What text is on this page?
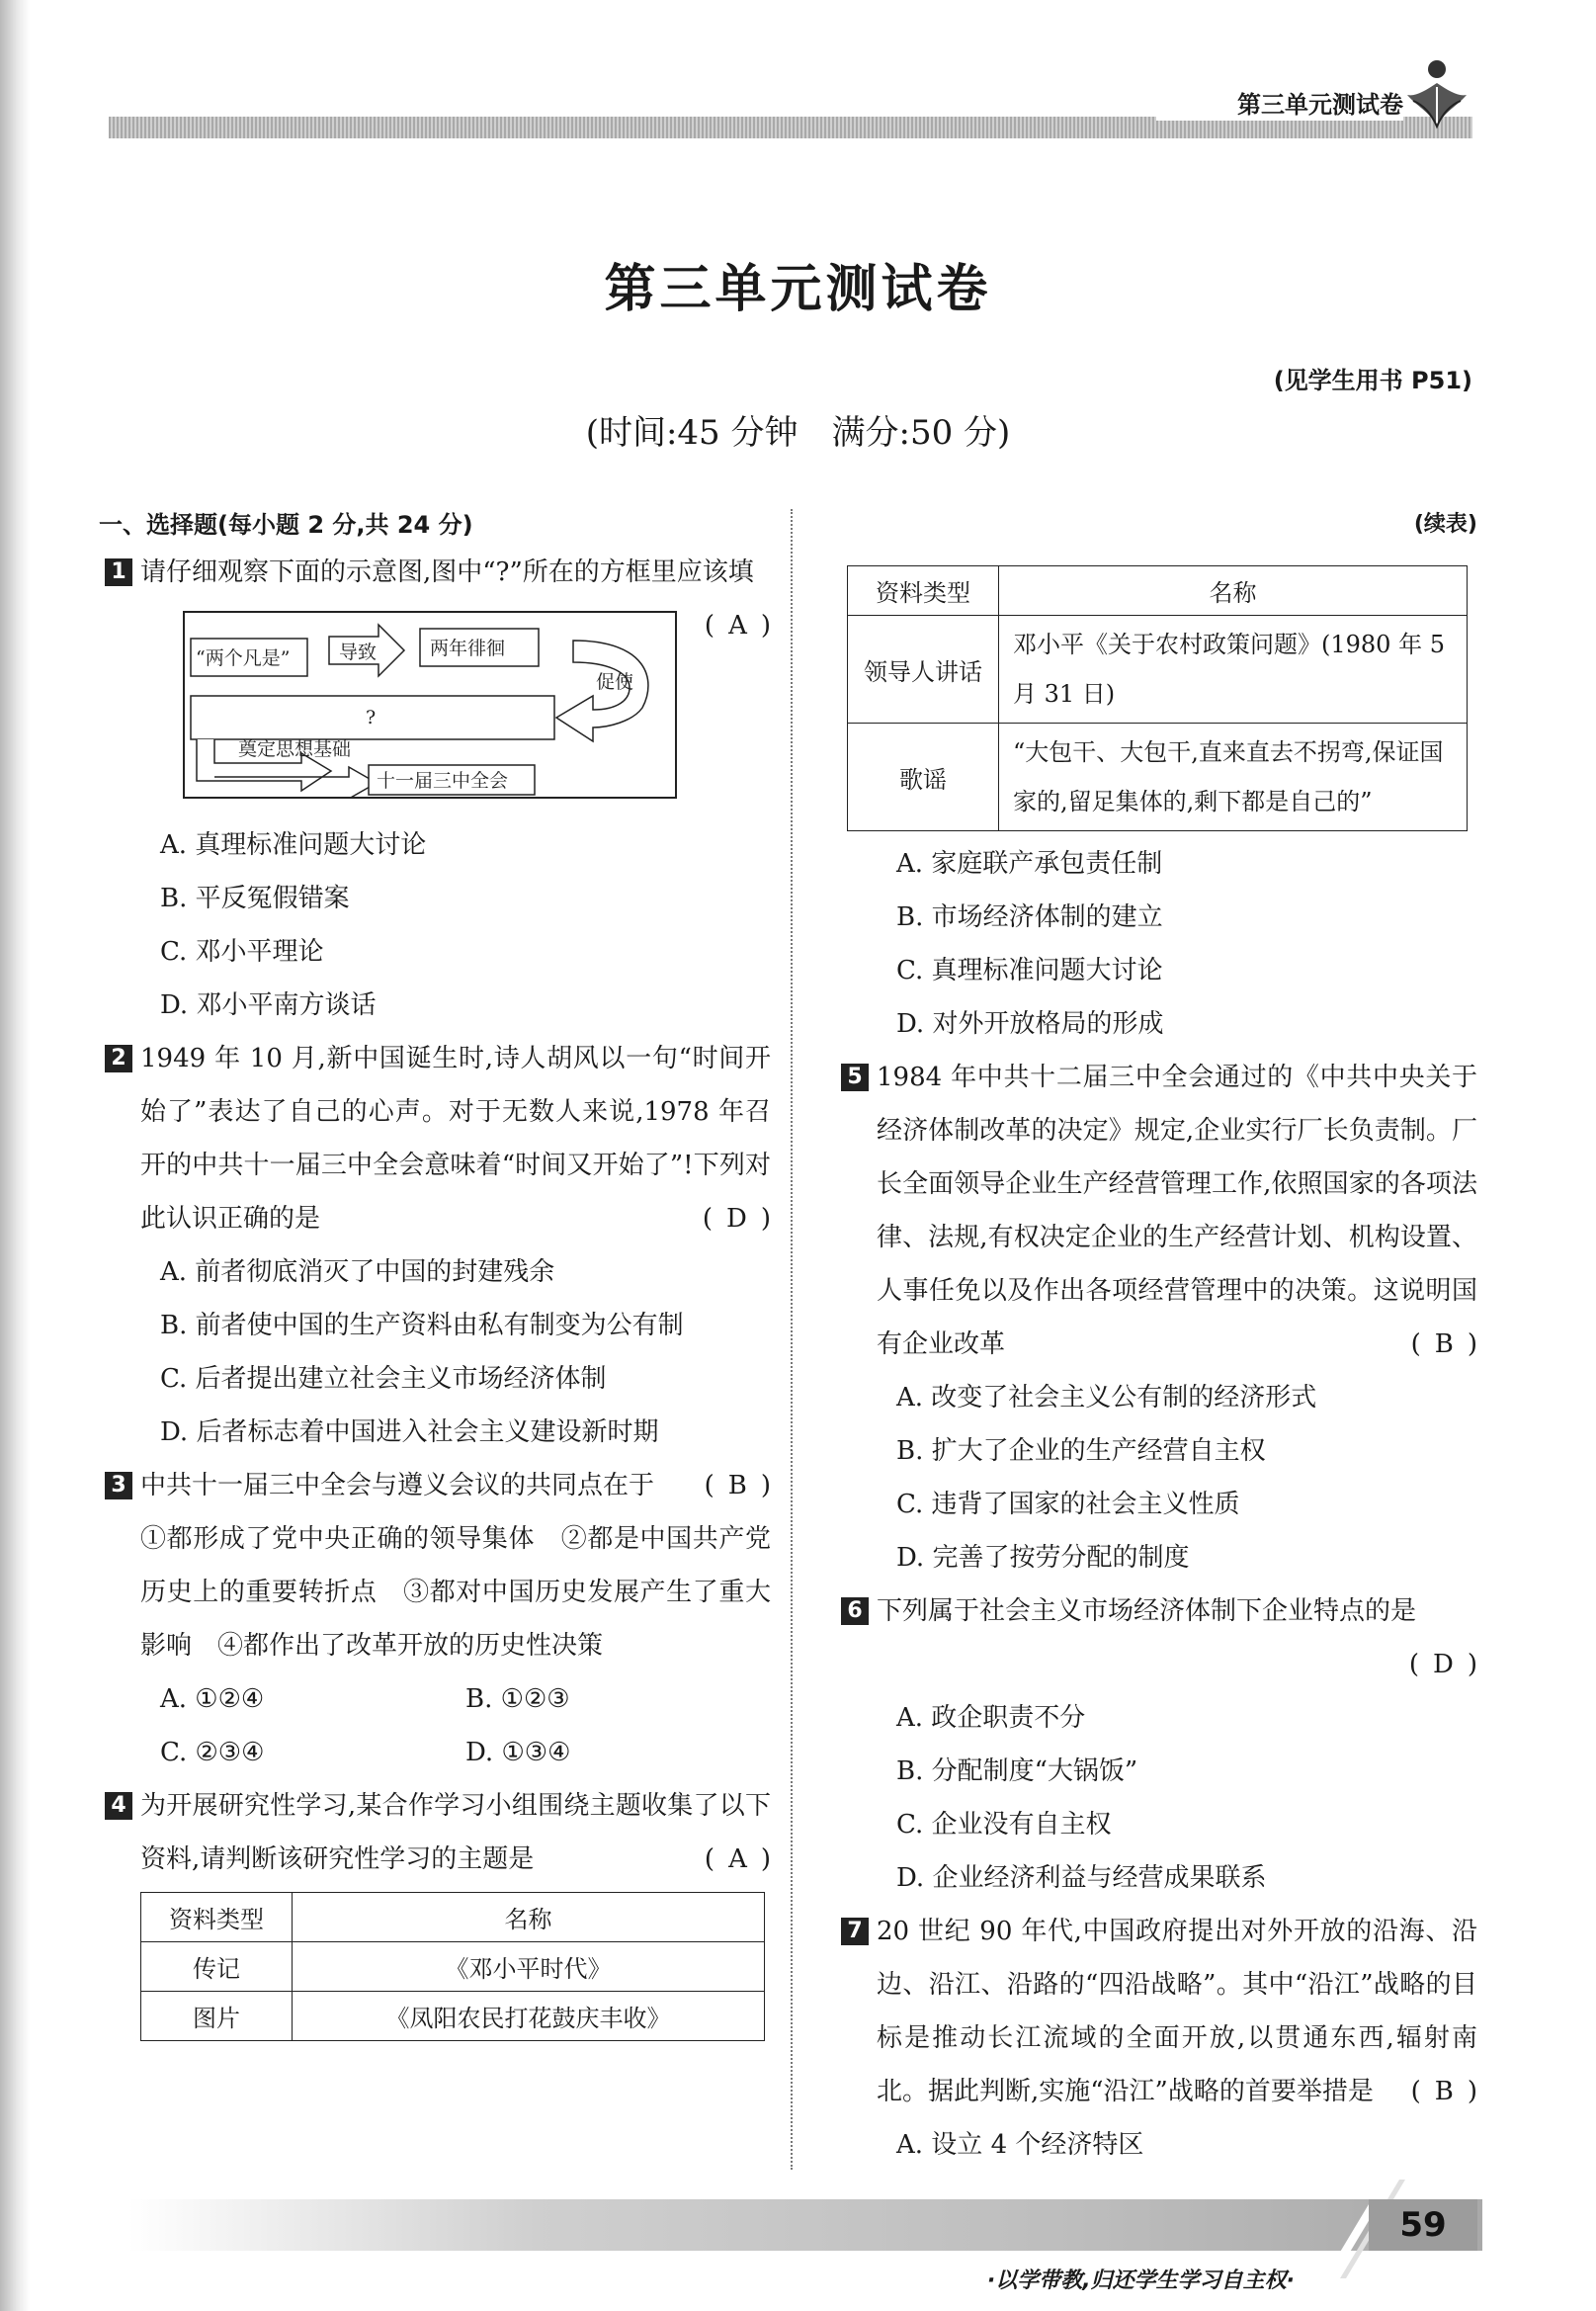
第三单元测试卷
第三单元测试卷
(见学生用书 P51)
(时间:45 分钟　满分:50 分)
一、选择题(每小题 2 分,共 24 分)
1 请仔细观察下面的示意图,图中“?”所在的方框里应该填
(A)
“两个凡是”	导致	两年徘徊
促使
?
奠定思想基础
十一届三中全会
A. 真理标准问题大讨论
B. 平反冤假错案
C. 邓小平理论
D. 邓小平南方谈话
2 1949 年 10 月,新中国诞生时,诗人胡风以一句“时间开始了”表达了自己的心声。对于无数人来说,1978 年召开的中共十一届三中全会意味着“时间又开始了”!下列对此认识正确的是	(D)
A. 前者彻底消灭了中国的封建残余
B. 前者使中国的生产资料由私有制变为公有制
C. 后者提出建立社会主义市场经济体制
D. 后者标志着中国进入社会主义建设新时期
3 中共十一届三中全会与遵义会议的共同点在于 (B)
①都形成了党中央正确的领导集体　②都是中国共产党历史上的重要转折点　③都对中国历史发展产生了重大影响　④都作出了改革开放的历史性决策
A. ①②④	B. ①②③
C. ②③④	D. ①③④
4 为开展研究性学习,某合作学习小组围绕主题收集了以下资料,请判断该研究性学习的主题是	(A)
资料类型	名称
传记	《邓小平时代》
图片	《凤阳农民打花鼓庆丰收》
(续表)
资料类型	名称
领导人讲话	邓小平《关于农村政策问题》(1980 年 5 月 31 日)
歌谣	“大包干、大包干,直来直去不拐弯,保证国家的,留足集体的,剩下都是自己的”
A. 家庭联产承包责任制
B. 市场经济体制的建立
C. 真理标准问题大讨论
D. 对外开放格局的形成
5 1984 年中共十二届三中全会通过的《中共中央关于经济体制改革的决定》规定,企业实行厂长负责制。厂长全面领导企业生产经营管理工作,依照国家的各项法律、法规,有权决定企业的生产经营计划、机构设置、人事任免以及作出各项经营管理中的决策。这说明国有企业改革	(B)
A. 改变了社会主义公有制的经济形式
B. 扩大了企业的生产经营自主权
C. 违背了国家的社会主义性质
D. 完善了按劳分配的制度
6 下列属于社会主义市场经济体制下企业特点的是
(D)
A. 政企职责不分
B. 分配制度“大锅饭”
C. 企业没有自主权
D. 企业经济利益与经营成果联系
7 20 世纪 90 年代,中国政府提出对外开放的沿海、沿边、沿江、沿路的“四沿战略”。其中“沿江”战略的目标是推动长江流域的全面开放,以贯通东西,辐射南北。据此判断,实施“沿江”战略的首要举措是 (B)
A. 设立 4 个经济特区
59
·以学带教,归还学生学习自主权·
